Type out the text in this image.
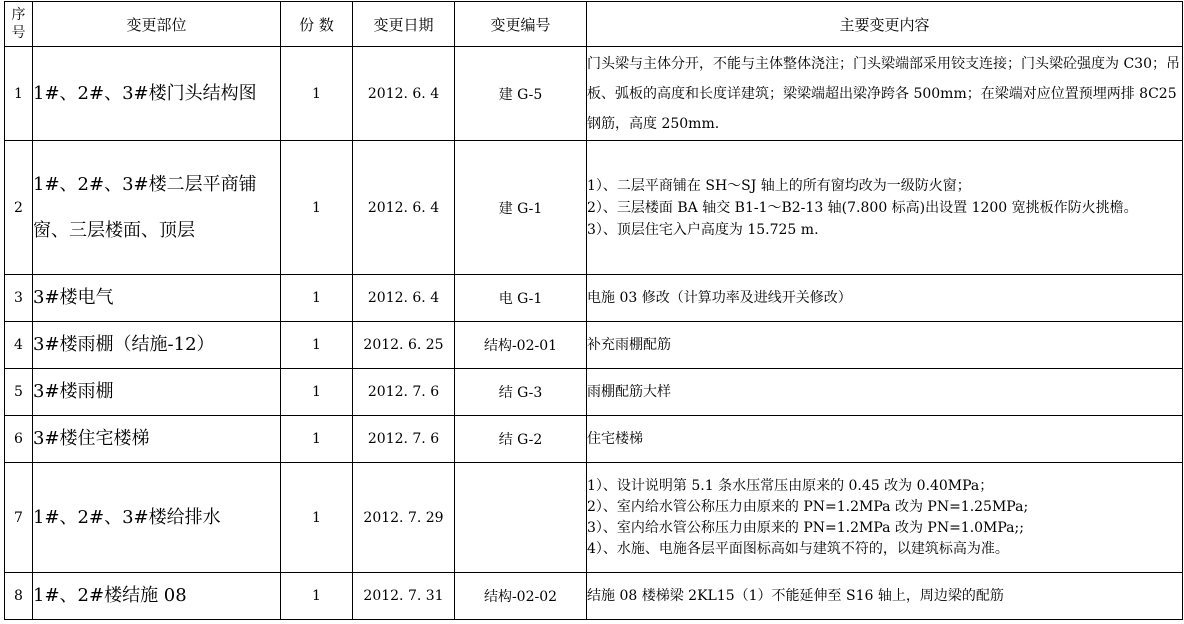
序号	变更部位	份 数	变更日期	变更编号	主要变更内容
1	1#、2#、3#楼门头结构图	1	2012. 6. 4	建 G-5	门头梁与主体分开，不能与主体整体浇注；门头梁端部采用铰支连接；门头梁砼强度为 C30；吊板、弧板的高度和长度详建筑；梁梁端超出梁净跨各 500mm；在梁端对应位置预埋两排 8C25 钢筋，高度 250mm.
2	1#、2#、3#楼二层平商铺窗、三层楼面、顶层	1	2012. 6. 4	建 G-1	1）、二层平商铺在 SH～SJ 轴上的所有窗均改为一级防火窗；

2）、三层楼面 BA 轴交 B1-1～B2-13 轴(7.800 标高)出设置 1200 宽挑板作防火挑檐。

3）、顶层住宅入户高度为 15.725 m.

3	3#楼电气	1	2012. 6. 4	电 G-1	电施 03 修改（计算功率及进线开关修改）
4	3#楼雨棚（结施-12）	1	2012. 6. 25	结构-02-01	补充雨棚配筋
5	3#楼雨棚	1	2012. 7. 6	结 G-3	雨棚配筋大样
6	3#楼住宅楼梯	1	2012. 7. 6	结 G-2	住宅楼梯
7	1#、2#、3#楼给排水	1	2012. 7. 29		1）、设计说明第 5.1 条水压常压由原来的 0.45 改为 0.40MPa；

2）、室内给水管公称压力由原来的 PN=1.2MPa 改为 PN=1.25MPa;

3）、室内给水管公称压力由原来的 PN=1.2MPa 改为 PN=1.0MPa;;

4）、水施、电施各层平面图标高如与建筑不符的，以建筑标高为准。

8	1#、2#楼结施 08	1	2012. 7. 31	结构-02-02	结施 08 楼梯梁 2KL15（1）不能延伸至 S16 轴上，周边梁的配筋
